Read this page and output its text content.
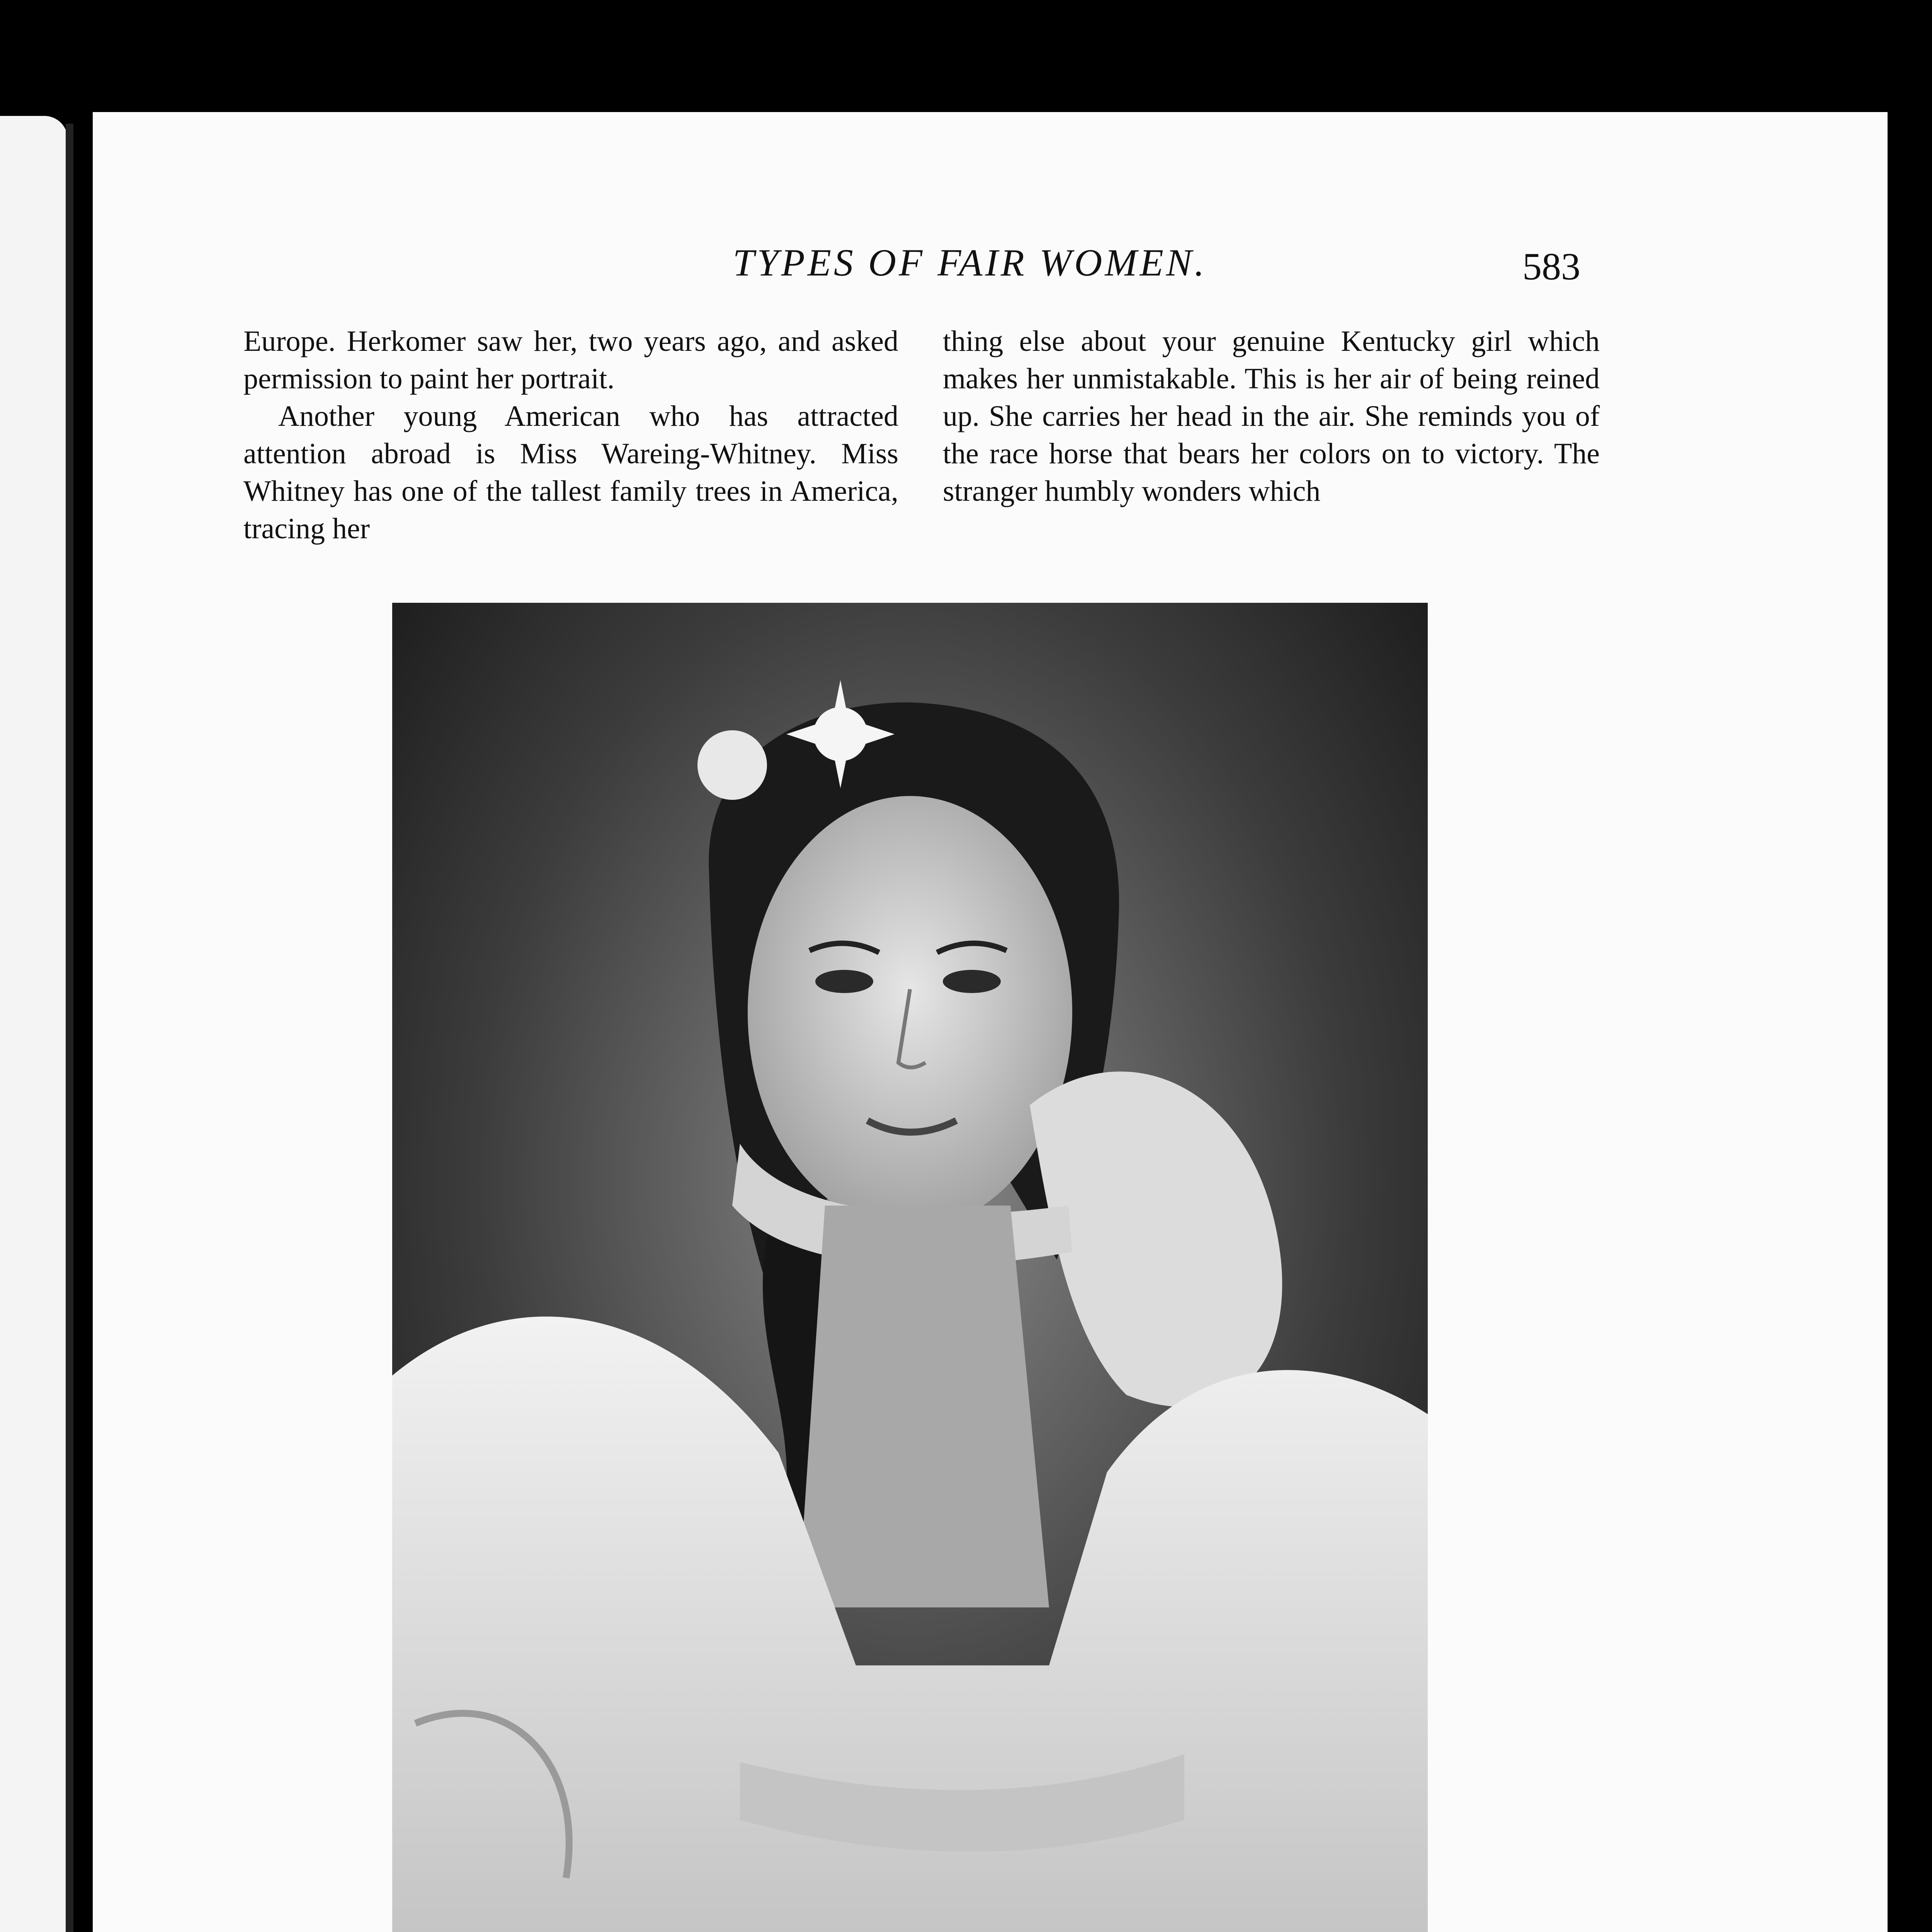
TYPES OF FAIR WOMEN.	583

Europe. Herkomer saw her, two years ago, and asked permission to paint her portrait.

Another young American who has attracted attention abroad is Miss Wareing-Whitney. Miss Whitney has one of the tallest family trees in America, tracing her

thing else about your genuine Kentucky girl which makes her unmistakable. This is her air of being reined up. She carries her head in the air. She reminds you of the race horse that bears her colors on to victory. The stranger humbly wonders which
